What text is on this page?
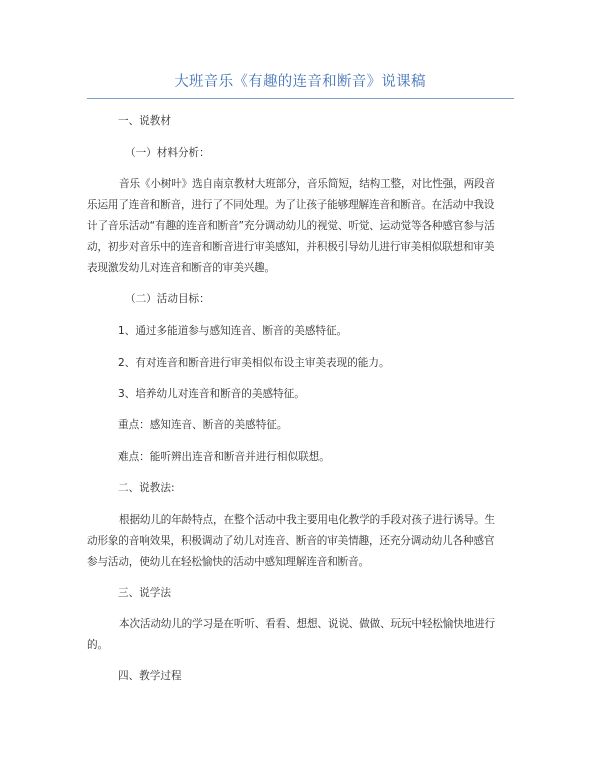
大班音乐《有趣的连音和断音》说课稿
一、说教材
（一）材料分析：
音乐《小树叶》选自南京教材大班部分，音乐简短，结构工整，对比性强，两段音
乐运用了连音和断音，进行了不同处理。为了让孩子能够理解连音和断音。在活动中我设
计了音乐活动“有趣的连音和断音”充分调动幼儿的视觉、听觉、运动觉等各种感官参与活
动，初步对音乐中的连音和断音进行审美感知，并积极引导幼儿进行审美相似联想和审美
表现激发幼儿对连音和断音的审美兴趣。
（二）活动目标：
1、通过多能道参与感知连音、断音的美感特征。
2、有对连音和断音进行审美相似布设主审美表现的能力。
3、培养幼儿对连音和断音的美感特征。
重点：感知连音、断音的美感特征。
难点：能听辨出连音和断音并进行相似联想。
二、说教法:
根据幼儿的年龄特点，在整个活动中我主要用电化教学的手段对孩子进行诱导。生
动形象的音响效果，积极调动了幼儿对连音、断音的审美情趣，还充分调动幼儿各种感官
参与活动，使幼儿在轻松愉快的活动中感知理解连音和断音。
三、说学法
本次活动幼儿的学习是在听听、看看、想想、说说、做做、玩玩中轻松愉快地进行
的。
四、教学过程
